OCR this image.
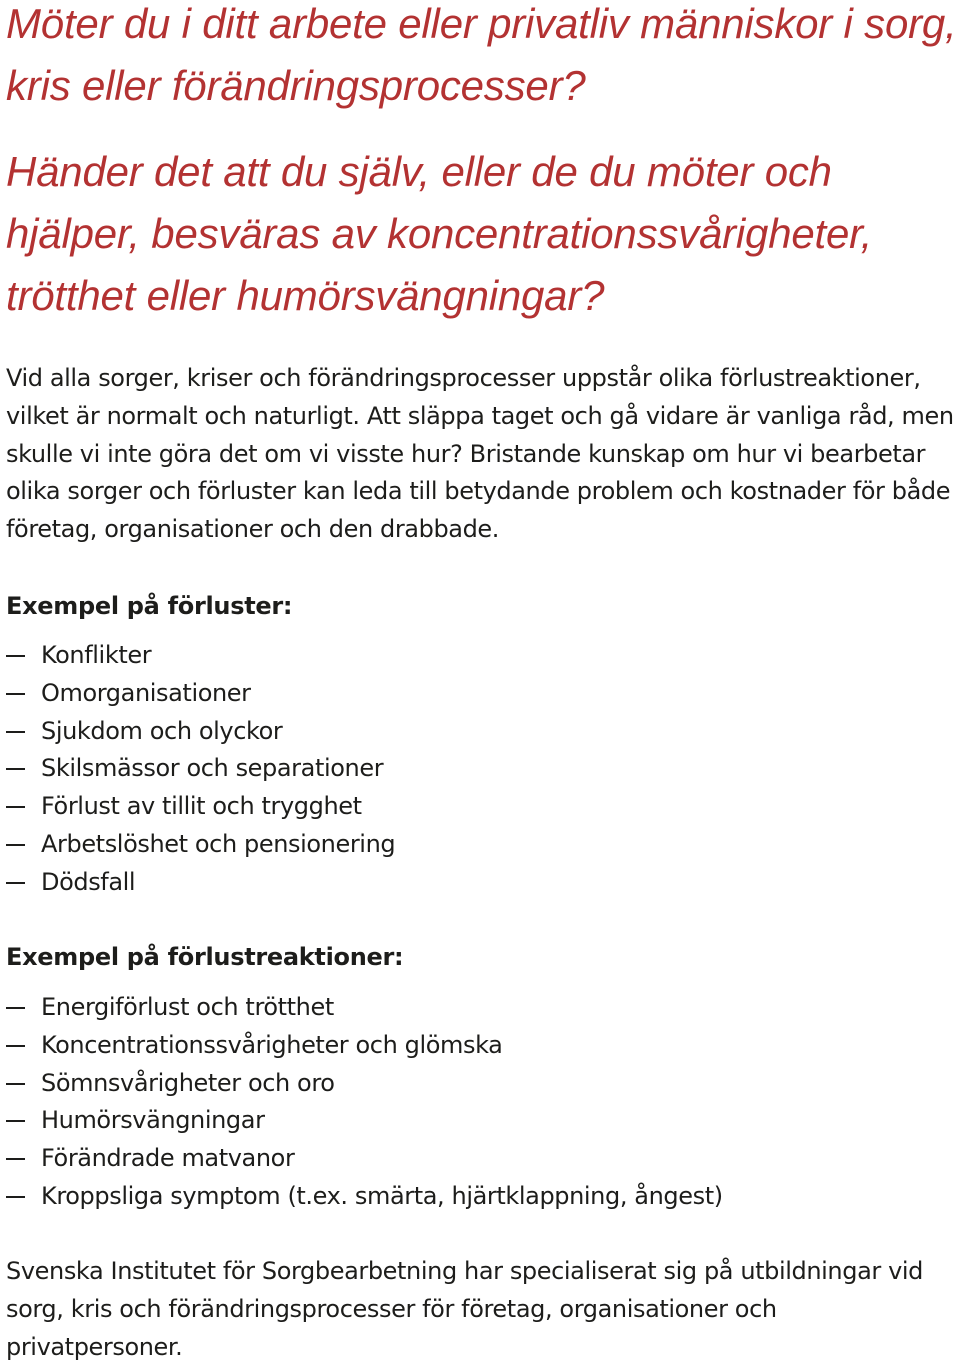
Möter du i ditt arbete eller privatliv människor i sorg, kris eller förändringsprocesser?

Händer det att du själv, eller de du möter och hjälper, besväras av koncentrationssvårigheter, trötthet eller humörsvängningar?

Vid alla sorger, kriser och förändringsprocesser uppstår olika förlustreaktioner, vilket är normalt och naturligt. Att släppa taget och gå vidare är vanliga råd, men skulle vi inte göra det om vi visste hur? Bristande kunskap om hur vi bearbetar olika sorger och förluster kan leda till betydande problem och kostnader för både företag, organisationer och den drabbade.

Exempel på förluster:
Konflikter
Omorganisationer
Sjukdom och olyckor
Skilsmässor och separationer
Förlust av tillit och trygghet
Arbetslöshet och pensionering
Dödsfall
Exempel på förlustreaktioner:
Energiförlust och trötthet
Koncentrationssvårigheter och glömska
Sömnsvårigheter och oro
Humörsvängningar
Förändrade matvanor
Kroppsliga symptom (t.ex. smärta, hjärtklappning, ångest)

Svenska Institutet för Sorgbearbetning har specialiserat sig på utbildningar vid sorg, kris och förändringsprocesser för företag, organisationer och privatpersoner.
